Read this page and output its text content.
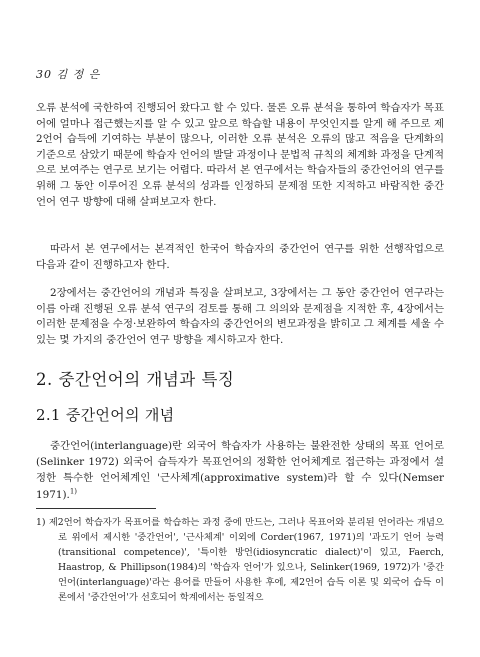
30 김 정 은

오류 분석에 국한하여 진행되어 왔다고 할 수 있다. 물론 오류 분석을 통하여 학습자가 목표어에 얼마나 접근했는지를 알 수 있고 앞으로 학습할 내용이 무엇인지를 알게 해 주므로 제2언어 습득에 기여하는 부분이 많으나, 이러한 오류 분석은 오류의 많고 적음을 단계화의 기준으로 삼았기 때문에 학습자 언어의 발달 과정이나 문법적 규칙의 체계화 과정을 단계적으로 보여주는 연구로 보기는 어렵다. 따라서 본 연구에서는 학습자들의 중간언어의 연구를 위해 그 동안 이루어진 오류 분석의 성과를 인정하되 문제점 또한 지적하고 바람직한 중간언어 연구 방향에 대해 살펴보고자 한다.

따라서 본 연구에서는 본격적인 한국어 학습자의 중간언어 연구를 위한 선행작업으로 다음과 같이 진행하고자 한다.

2장에서는 중간언어의 개념과 특징을 살펴보고, 3장에서는 그 동안 중간언어 연구라는 이름 아래 진행된 오류 분석 연구의 검토를 통해 그 의의와 문제점을 지적한 후, 4장에서는 이러한 문제점을 수정·보완하여 학습자의 중간언어의 변모과정을 밝히고 그 체계를 세울 수 있는 몇 가지의 중간언어 연구 방향을 제시하고자 한다.

2. 중간언어의 개념과 특징
2.1 중간언어의 개념

중간언어(interlanguage)란 외국어 학습자가 사용하는 불완전한 상태의 목표 언어로(Selinker 1972) 외국어 습득자가 목표언어의 정확한 언어체계로 접근하는 과정에서 설정한 특수한 언어체계인 '근사체계(approximative system)라 할 수 있다(Nemser 1971).$^{1)}$

1) 제2언어 학습자가 목표어를 학습하는 과정 중에 만드는, 그러나 목표어와 분리된 언어라는 개념으로 위에서 제시한 '중간언어', '근사체계' 이외에 Corder(1967, 1971)의 '과도기 언어 능력(transitional competence)', '특이한 방언(idiosyncratic dialect)'이 있고, Faerch, Haastrop, & Phillipson(1984)의 '학습자 언어'가 있으나, Selinker(1969, 1972)가 '중간언어(interlanguage)'라는 용어를 만들어 사용한 후에, 제2언어 습득 이론 및 외국어 습득 이론에서 '중간언어'가 선호되어 학계에서는 동일적으
